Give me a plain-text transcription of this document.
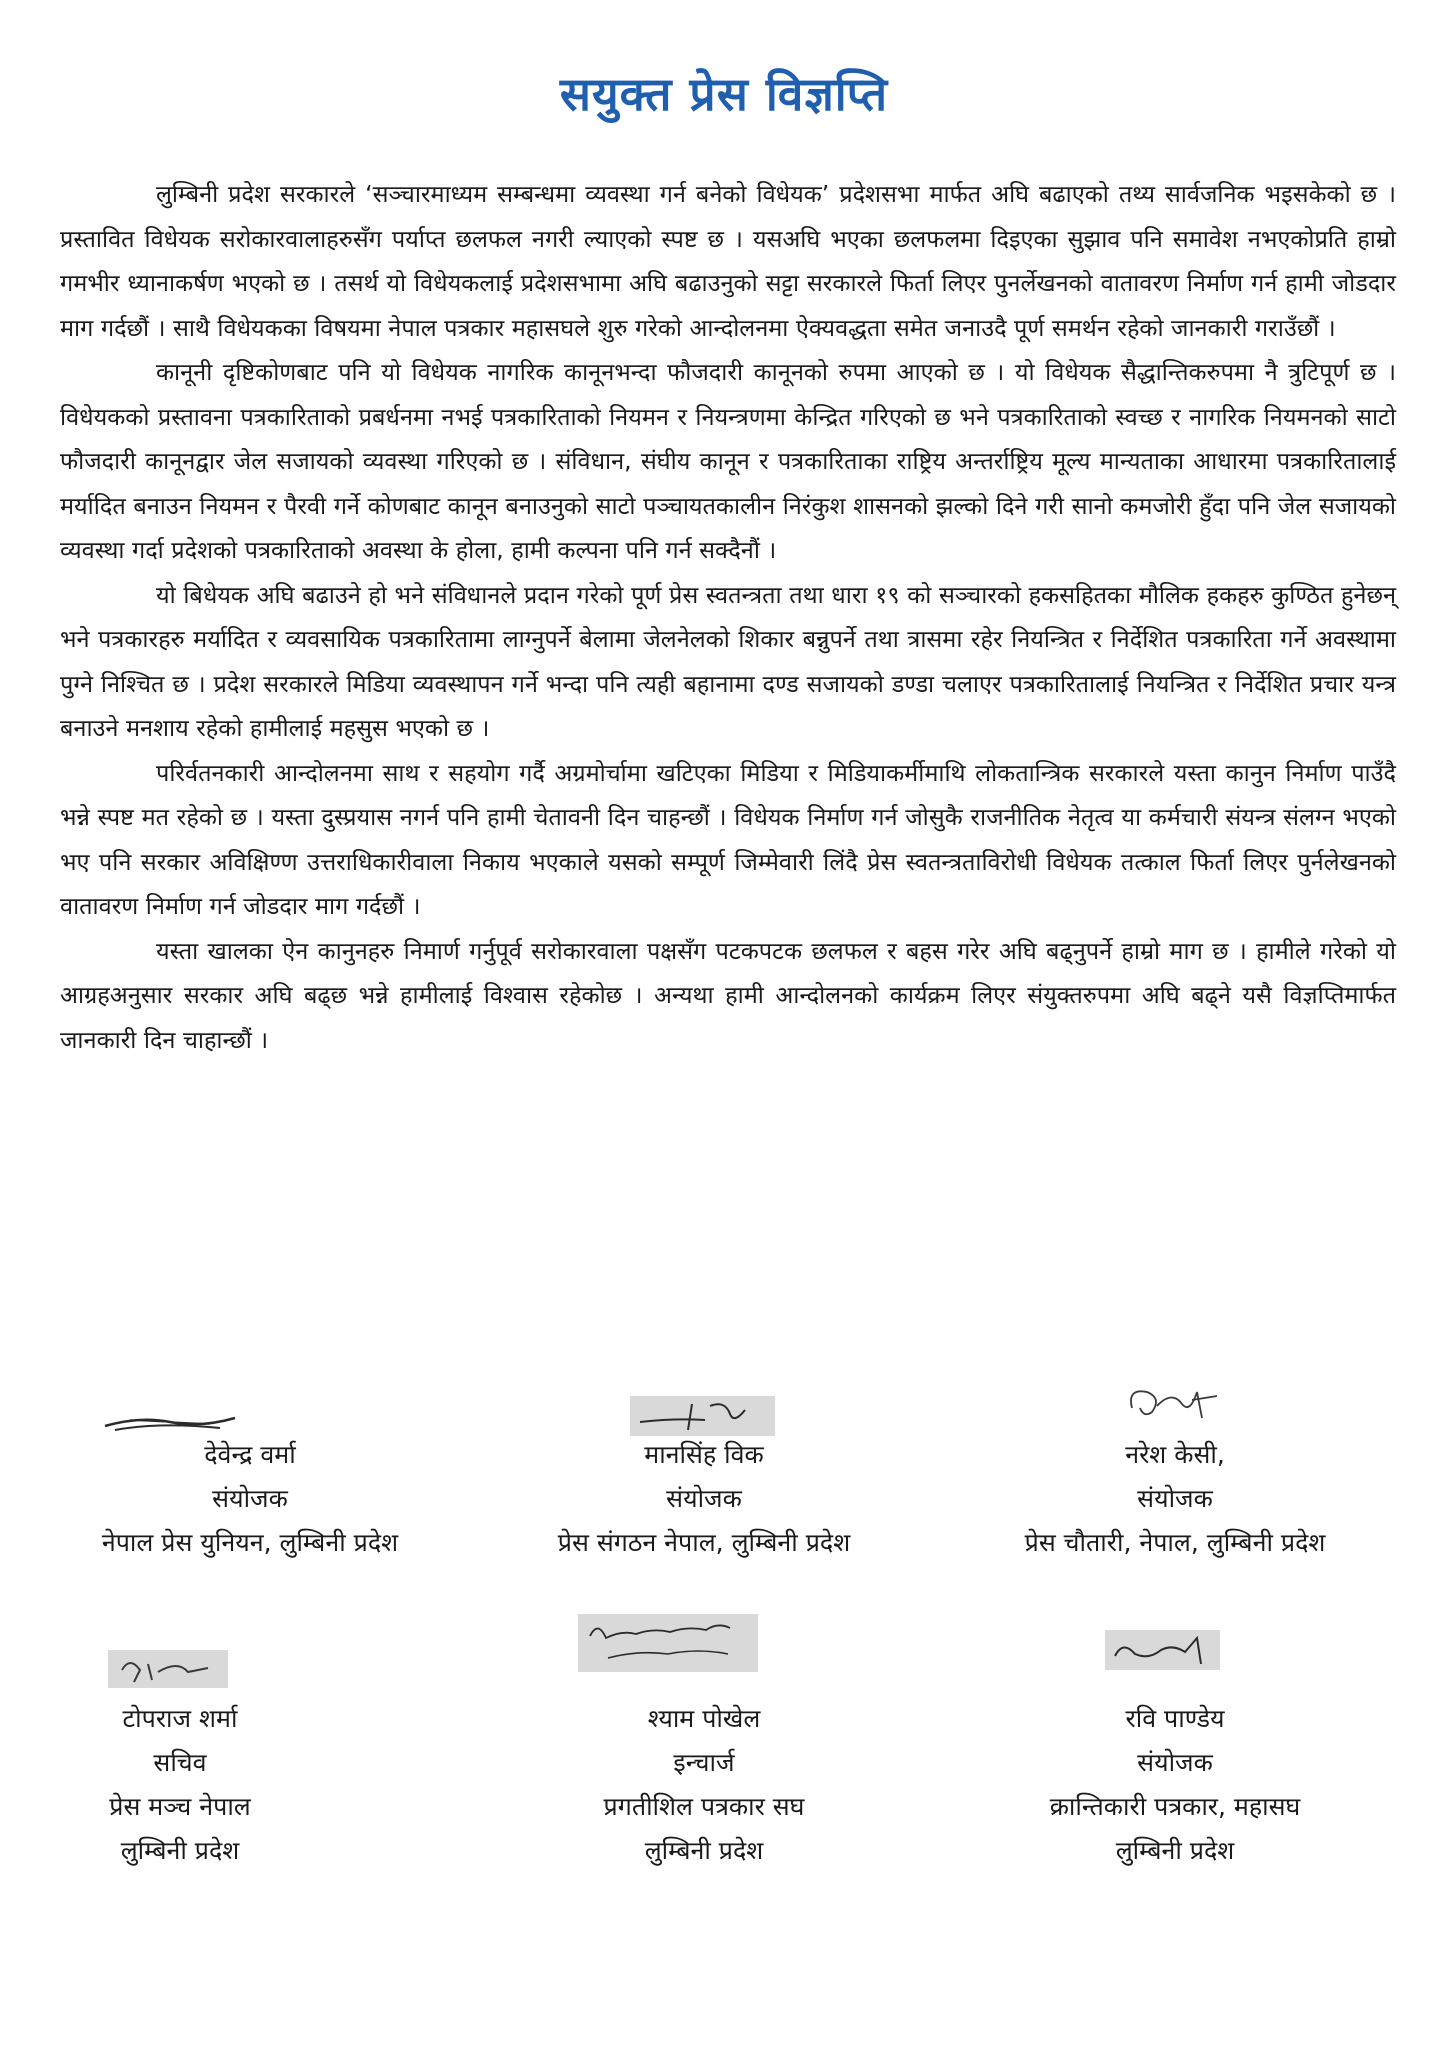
सयुक्त प्रेस विज्ञप्ति

लुम्बिनी प्रदेश सरकारले ‘सञ्चारमाध्यम सम्बन्धमा व्यवस्था गर्न बनेको विधेयक’ प्रदेशसभा मार्फत अघि बढाएको तथ्य सार्वजनिक भइसकेको छ । प्रस्तावित विधेयक सरोकारवालाहरुसँग पर्याप्त छलफल नगरी ल्याएको स्पष्ट छ । यसअघि भएका छलफलमा दिइएका सुझाव पनि समावेश नभएकोप्रति हाम्रो गमभीर ध्यानाकर्षण भएको छ । तसर्थ यो विधेयकलाई प्रदेशसभामा अघि बढाउनुको सट्टा सरकारले फिर्ता लिएर पुनर्लेखनको वातावरण निर्माण गर्न हामी जोडदार माग गर्दछौं । साथै विधेयकका विषयमा नेपाल पत्रकार महासघले शुरु गरेको आन्दोलनमा ऐक्यवद्धता समेत जनाउदै पूर्ण समर्थन रहेको जानकारी गराउँछौं ।

कानूनी दृष्टिकोणबाट पनि यो विधेयक नागरिक कानूनभन्दा फौजदारी कानूनको रुपमा आएको छ । यो विधेयक सैद्धान्तिकरुपमा नै त्रुटिपूर्ण छ । विधेयकको प्रस्तावना पत्रकारिताको प्रबर्धनमा नभई पत्रकारिताको नियमन र नियन्त्रणमा केन्द्रित गरिएको छ भने पत्रकारिताको स्वच्छ र नागरिक नियमनको साटो फौजदारी कानूनद्वार जेल सजायको व्यवस्था गरिएको छ । संविधान, संघीय कानून र पत्रकारिताका राष्ट्रिय अन्तर्राष्ट्रिय मूल्य मान्यताका आधारमा पत्रकारितालाई मर्यादित बनाउन नियमन र पैरवी गर्ने कोणबाट कानून बनाउनुको साटो पञ्चायतकालीन निरंकुश शासनको झल्को दिने गरी सानो कमजोरी हुँदा पनि जेल सजायको व्यवस्था गर्दा प्रदेशको पत्रकारिताको अवस्था के होला, हामी कल्पना पनि गर्न सक्दैनौं ।

यो बिधेयक अघि बढाउने हो भने संविधानले प्रदान गरेको पूर्ण प्रेस स्वतन्त्रता तथा धारा १९ को सञ्चारको हकसहितका मौलिक हकहरु कुण्ठित हुनेछन् भने पत्रकारहरु मर्यादित र व्यवसायिक पत्रकारितामा लाग्नुपर्ने बेलामा जेलनेलको शिकार बन्नुपर्ने तथा त्रासमा रहेर नियन्त्रित र निर्देशित पत्रकारिता गर्ने अवस्थामा पुग्ने निश्चित छ । प्रदेश सरकारले मिडिया व्यवस्थापन गर्ने भन्दा पनि त्यही बहानामा दण्ड सजायको डण्डा चलाएर पत्रकारितालाई नियन्त्रित र निर्देशित प्रचार यन्त्र बनाउने मनशाय रहेको हामीलाई महसुस भएको छ ।

परिर्वतनकारी आन्दोलनमा साथ र सहयोग गर्दै अग्रमोर्चामा खटिएका मिडिया र मिडियाकर्मीमाथि लोकतान्त्रिक सरकारले यस्ता कानुन निर्माण पाउँदै भन्ने स्पष्ट मत रहेको छ । यस्ता दुस्प्रयास नगर्न पनि हामी चेतावनी दिन चाहन्छौं । विधेयक निर्माण गर्न जोसुकै राजनीतिक नेतृत्व या कर्मचारी संयन्त्र संलग्न भएको भए पनि सरकार अविक्षिण्ण उत्तराधिकारीवाला निकाय भएकाले यसको सम्पूर्ण जिम्मेवारी लिंदै प्रेस स्वतन्त्रताविरोधी विधेयक तत्काल फिर्ता लिएर पुर्नलेखनको वातावरण निर्माण गर्न जोडदार माग गर्दछौं ।

यस्ता खालका ऐन कानुनहरु निमार्ण गर्नुपूर्व सरोकारवाला पक्षसँग पटकपटक छलफल र बहस गरेर अघि बढ्नुपर्ने हाम्रो माग छ । हामीले गरेको यो आग्रहअनुसार सरकार अघि बढ्छ भन्ने हामीलाई विश्वास रहेकोछ । अन्यथा हामी आन्दोलनको कार्यक्रम लिएर संयुक्तरुपमा अघि बढ्ने यसै विज्ञप्तिमार्फत जानकारी दिन चाहान्छौं ।

देवेन्द्र वर्मा
संयोजक
नेपाल प्रेस युनियन, लुम्बिनी प्रदेश
मानसिंह विक
संयोजक
प्रेस संगठन नेपाल, लुम्बिनी प्रदेश
नरेश केसी,
संयोजक
प्रेस चौतारी, नेपाल, लुम्बिनी प्रदेश
टोपराज शर्मा
सचिव
प्रेस मञ्च नेपाल
लुम्बिनी प्रदेश
श्याम पोखेल
इन्चार्ज
प्रगतीशिल पत्रकार सघ
लुम्बिनी प्रदेश
रवि पाण्डेय
संयोजक
क्रान्तिकारी पत्रकार, महासघ
लुम्बिनी प्रदेश
